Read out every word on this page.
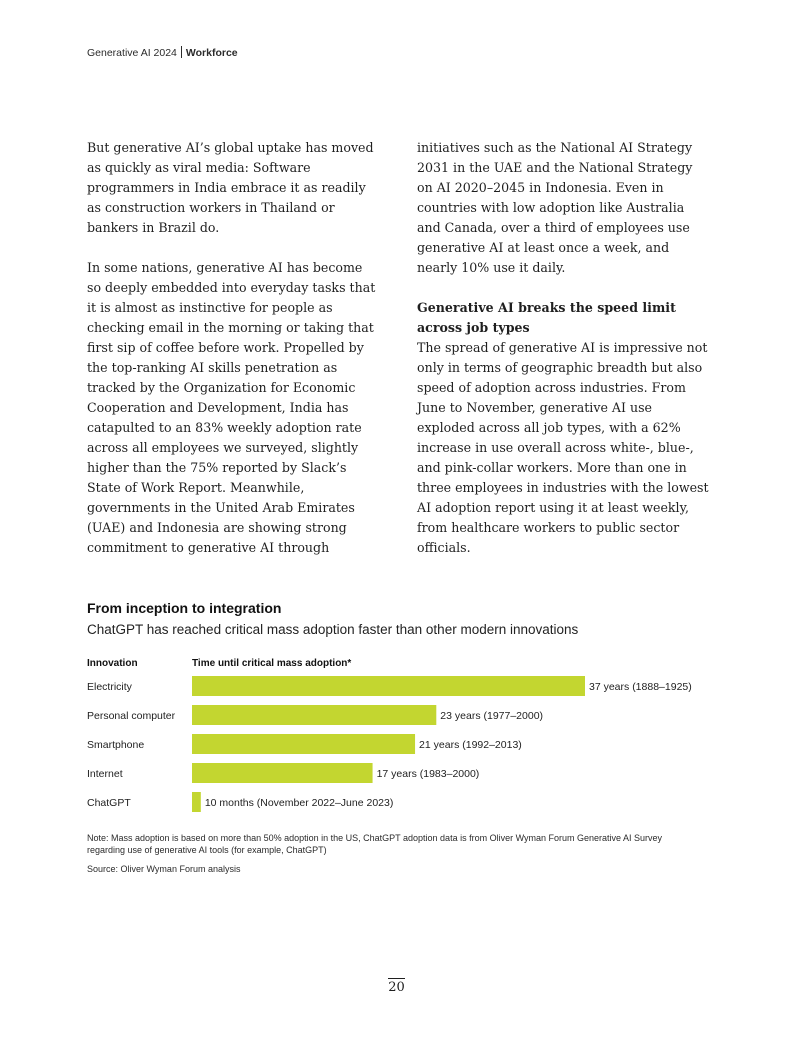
Generative AI 2024 Workforce

But generative AI’s global uptake has moved as quickly as viral media: Software programmers in India embrace it as readily as construction workers in Thailand or bankers in Brazil do.

In some nations, generative AI has become so deeply embedded into everyday tasks that it is almost as instinctive for people as checking email in the morning or taking that first sip of coffee before work. Propelled by the top-ranking AI skills penetration as tracked by the Organization for Economic Cooperation and Development, India has catapulted to an 83% weekly adoption rate across all employees we surveyed, slightly higher than the 75% reported by Slack’s State of Work Report. Meanwhile, governments in the United Arab Emirates (UAE) and Indonesia are showing strong commitment to generative AI through

initiatives such as the National AI Strategy 2031 in the UAE and the National Strategy on AI 2020–2045 in Indonesia. Even in countries with low adoption like Australia and Canada, over a third of employees use generative AI at least once a week, and nearly 10% use it daily.

Generative AI breaks the speed limit across job types

The spread of generative AI is impressive not only in terms of geographic breadth but also speed of adoption across industries. From June to November, generative AI use exploded across all job types, with a 62% increase in use overall across white-, blue-, and pink-collar workers. More than one in three employees in industries with the lowest AI adoption report using it at least weekly, from healthcare workers to public sector officials.

From inception to integration
ChatGPT has reached critical mass adoption faster than other modern innovations
Innovation	Time until critical mass adoption*
Electricity	37 years (1888–1925)
Personal computer	23 years (1977–2000)
Smartphone	21 years (1992–2013)
Internet	17 years (1983–2000)
ChatGPT	10 months (November 2022–June 2023)
Note: Mass adoption is based on more than 50% adoption in the US, ChatGPT adoption data is from Oliver Wyman Forum Generative AI Survey regarding use of generative AI tools (for example, ChatGPT)
Source: Oliver Wyman Forum analysis
20
